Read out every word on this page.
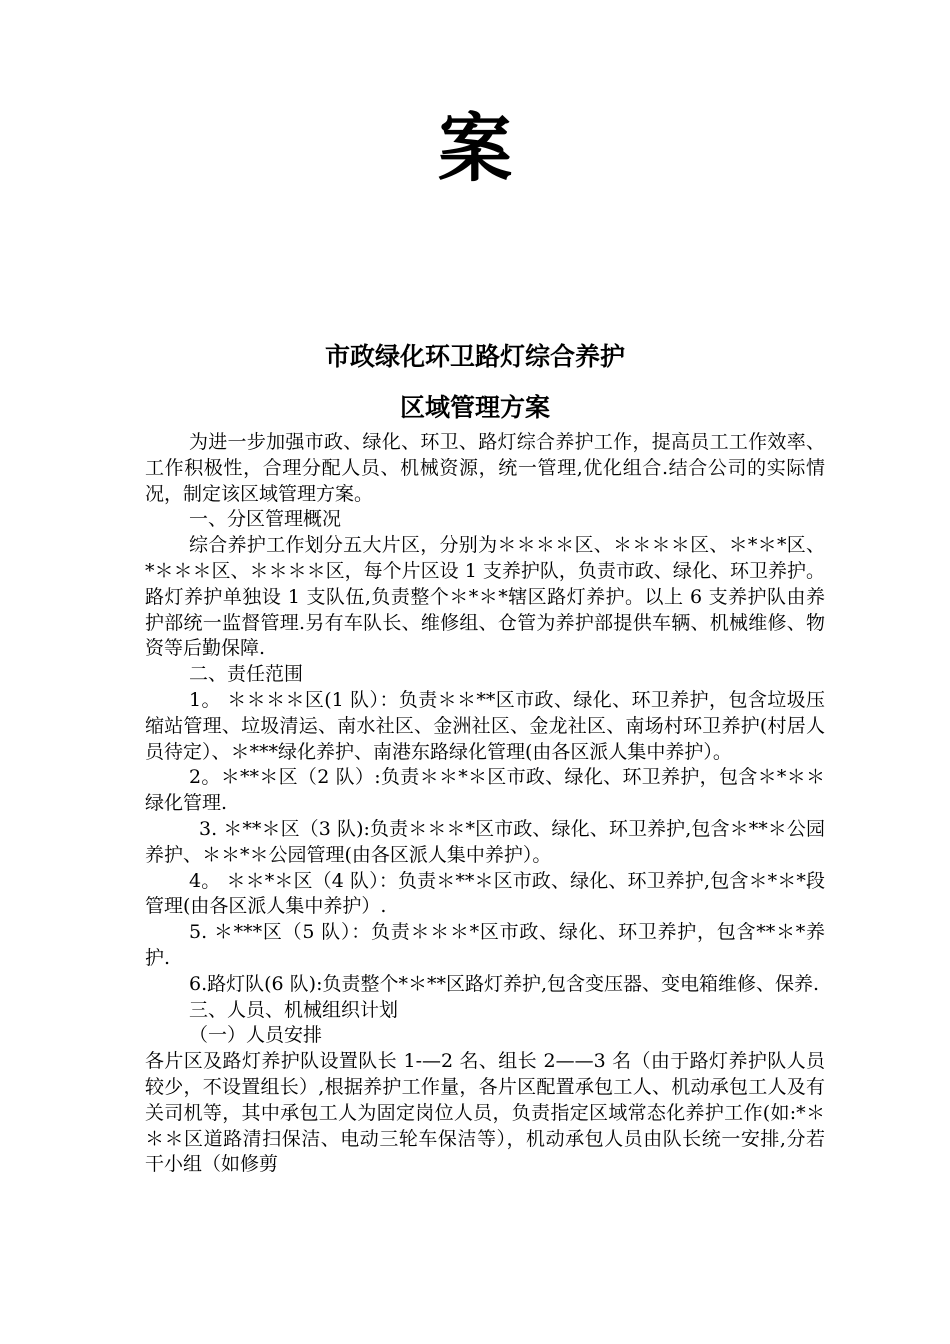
案
市政绿化环卫路灯综合养护
区域管理方案

为进一步加强市政、绿化、环卫、路灯综合养护工作，提高员工工作效率、工作积极性，合理分配人员、机械资源，统一管理,优化组合.结合公司的实际情况，制定该区域管理方案。

一、分区管理概况

综合养护工作划分五大片区，分别为＊＊＊＊区、＊＊＊＊区、＊*＊*区、*＊＊＊区、＊＊＊＊区，每个片区设 1 支养护队，负责市政、绿化、环卫养护。路灯养护单独设 1 支队伍,负责整个＊*＊*辖区路灯养护。以上 6 支养护队由养护部统一监督管理.另有车队长、维修组、仓管为养护部提供车辆、机械维修、物资等后勤保障.

二、责任范围

1。 ＊＊＊＊区(1 队）：负责＊＊**区市政、绿化、环卫养护，包含垃圾压缩站管理、垃圾清运、南水社区、金洲社区、金龙社区、南场村环卫养护(村居人员待定）、＊***绿化养护、南港东路绿化管理(由各区派人集中养护）。

2。＊**＊区（2 队）:负责＊＊*＊区市政、绿化、环卫养护，包含＊*＊＊绿化管理.

3. ＊**＊区（3 队):负责＊＊＊*区市政、绿化、环卫养护,包含＊**＊公园养护、＊＊*＊公园管理(由各区派人集中养护）。

4。 ＊＊*＊区（4 队）：负责＊**＊区市政、绿化、环卫养护,包含＊*＊*段管理(由各区派人集中养护）.

5. ＊***区（5 队）：负责＊＊＊*区市政、绿化、环卫养护，包含**＊*养护.

6.路灯队(6 队):负责整个*＊**区路灯养护,包含变压器、变电箱维修、保养.

三、人员、机械组织计划

（一）人员安排

各片区及路灯养护队设置队长 1-—2 名、组长 2——3 名（由于路灯养护队人员较少，不设置组长）,根据养护工作量，各片区配置承包工人、机动承包工人及有关司机等，其中承包工人为固定岗位人员，负责指定区域常态化养护工作(如:*＊＊＊区道路清扫保洁、电动三轮车保洁等），机动承包人员由队长统一安排,分若干小组（如修剪
